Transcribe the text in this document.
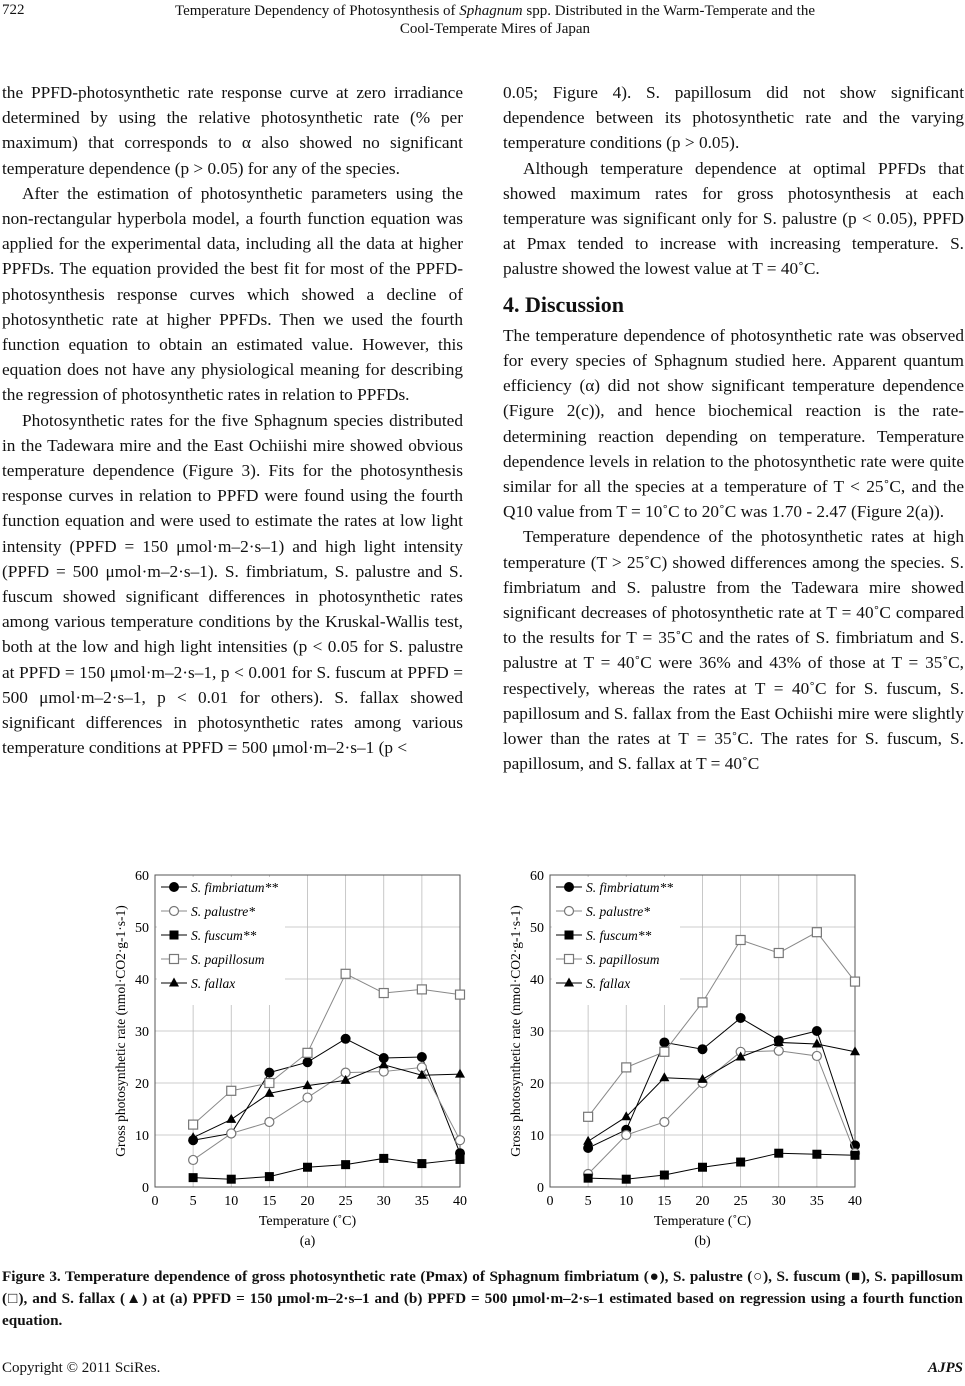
722	Temperature Dependency of Photosynthesis of Sphagnum spp. Distributed in the Warm-Temperate and the
Cool-Temperate Mires of Japan

the PPFD-photosynthetic rate response curve at zero irradiance determined by using the relative photosynthetic rate (% per maximum) that corresponds to α also showed no significant temperature dependence (p > 0.05) for any of the species.

After the estimation of photosynthetic parameters using the non-rectangular hyperbola model, a fourth function equation was applied for the experimental data, including all the data at higher PPFDs. The equation provided the best fit for most of the PPFD-photosynthesis response curves which showed a decline of photosynthetic rate at higher PPFDs. Then we used the fourth function equation to obtain an estimated value. However, this equation does not have any physiological meaning for describing the regression of photosynthetic rates in relation to PPFDs.

Photosynthetic rates for the five Sphagnum species distributed in the Tadewara mire and the East Ochiishi mire showed obvious temperature dependence (Figure 3). Fits for the photosynthesis response curves in relation to PPFD were found using the fourth function equation and were used to estimate the rates at low light intensity (PPFD = 150 μmol·m–2·s–1) and high light intensity (PPFD = 500 μmol·m–2·s–1). S. fimbriatum, S. palustre and S. fuscum showed significant differences in photosynthetic rates among various temperature conditions by the Kruskal-Wallis test, both at the low and high light intensities (p < 0.05 for S. palustre at PPFD = 150 μmol·m–2·s–1, p < 0.001 for S. fuscum at PPFD = 500 μmol·m–2·s–1, p < 0.01 for others). S. fallax showed significant differences in photosynthetic rates among various temperature conditions at PPFD = 500 μmol·m–2·s–1 (p <

0.05; Figure 4). S. papillosum did not show significant dependence between its photosynthetic rate and the varying temperature conditions (p > 0.05).

Although temperature dependence at optimal PPFDs that showed maximum rates for gross photosynthesis at each temperature was significant only for S. palustre (p < 0.05), PPFD at Pmax tended to increase with increasing temperature. S. palustre showed the lowest value at T = 40˚C.

4. Discussion

The temperature dependence of photosynthetic rate was observed for every species of Sphagnum studied here. Apparent quantum efficiency (α) did not show significant temperature dependence (Figure 2(c)), and hence biochemical reaction is the rate-determining reaction depending on temperature. Temperature dependence levels in relation to the photosynthetic rate were quite similar for all the species at a temperature of T < 25˚C, and the Q10 value from T = 10˚C to 20˚C was 1.70 - 2.47 (Figure 2(a)).

Temperature dependence of the photosynthetic rates at high temperature (T > 25˚C) showed differences among the species. S. fimbriatum and S. palustre from the Tadewara mire showed significant decreases of photosynthetic rate at T = 40˚C compared to the results for T = 35˚C and the rates of S. fimbriatum and S. palustre at T = 40˚C were 36% and 43% of those at T = 35˚C, respectively, whereas the rates at T = 40˚C for S. fuscum, S. papillosum and S. fallax from the East Ochiishi mire were slightly lower than the rates at T = 35˚C. The rates for S. fuscum, S. papillosum, and S. fallax at T = 40˚C

0
10
20
30
40
50
60
0 5 10 15 20 25 30 35 40
Temperature (˚C)
Gross photosynthetic rate (nmol·CO2·g-1·s-1)
(a)
S. fimbriatum**
S. palustre*
S. fuscum**
S. papillosum
S. fallax
0
10
20
30
40
50
60
0 5 10 15 20 25 30 35 40
Temperature (˚C)
Gross photosynthetic rate (nmol·CO2·g-1·s-1)
(b)
S. fimbriatum**
S. palustre*
S. fuscum**
S. papillosum
S. fallax
Figure 3. Temperature dependence of gross photosynthetic rate (Pmax) of Sphagnum fimbriatum (●), S. palustre (○), S. fuscum (■), S. papillosum (□), and S. fallax (▲) at (a) PPFD = 150 μmol·m–2·s–1 and (b) PPFD = 500 μmol·m–2·s–1 estimated based on regression using a fourth function equation.
Copyright © 2011 SciRes.	AJPS
